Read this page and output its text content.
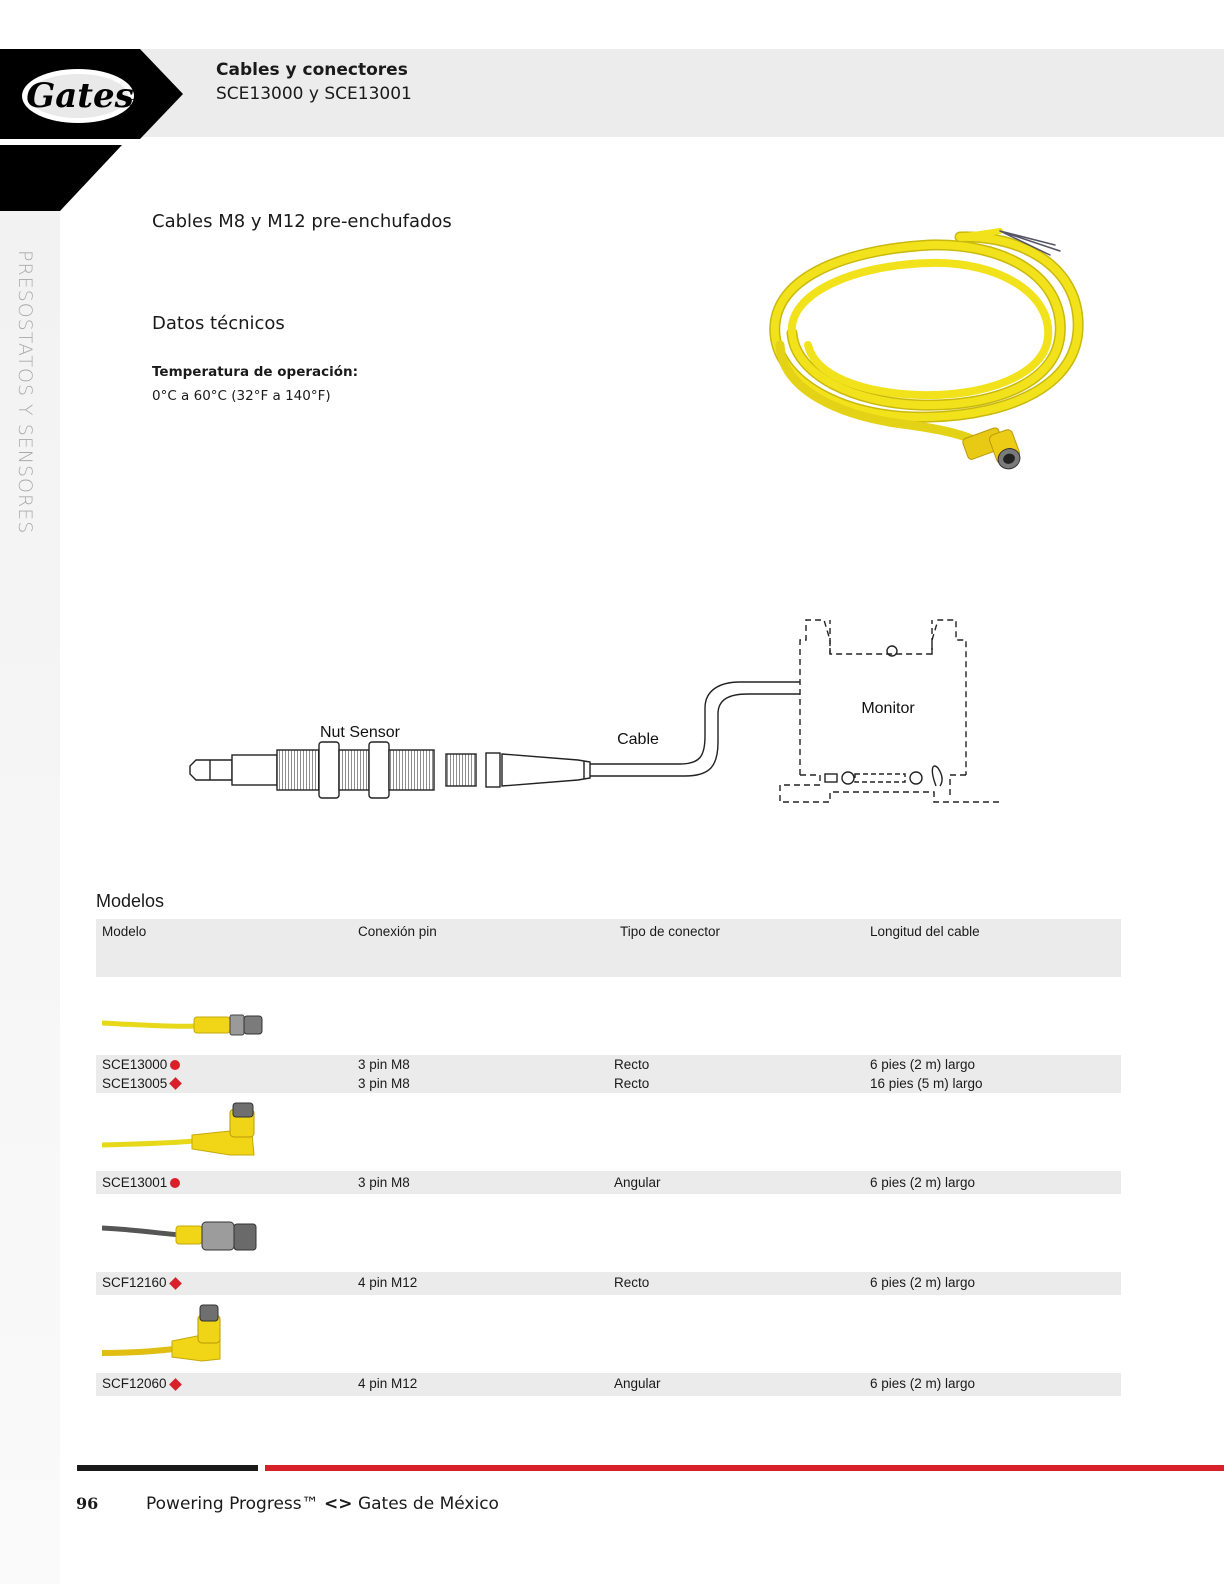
Gates
PRESOSTATOS Y SENSORES
Cables y conectores
SCE13000 y SCE13001
Cables M8 y M12 pre-enchufados
Datos técnicos
Temperatura de operación:
0°C a 60°C (32°F a 140°F)
Nut Sensor	Cable
Monitor
Modelos
Modelo	Conexión pin	Tipo de conector	Longitud del cable
SCE13000	3 pin M8	Recto	6 pies (2 m) largo
SCE13005	3 pin M8	Recto	16 pies (5 m) largo
SCE13001	3 pin M8	Angular	6 pies (2 m) largo
SCF12160	4 pin M12	Recto	6 pies (2 m) largo
SCF12060	4 pin M12	Angular	6 pies (2 m) largo
96	Powering Progress™ <> Gates de México
